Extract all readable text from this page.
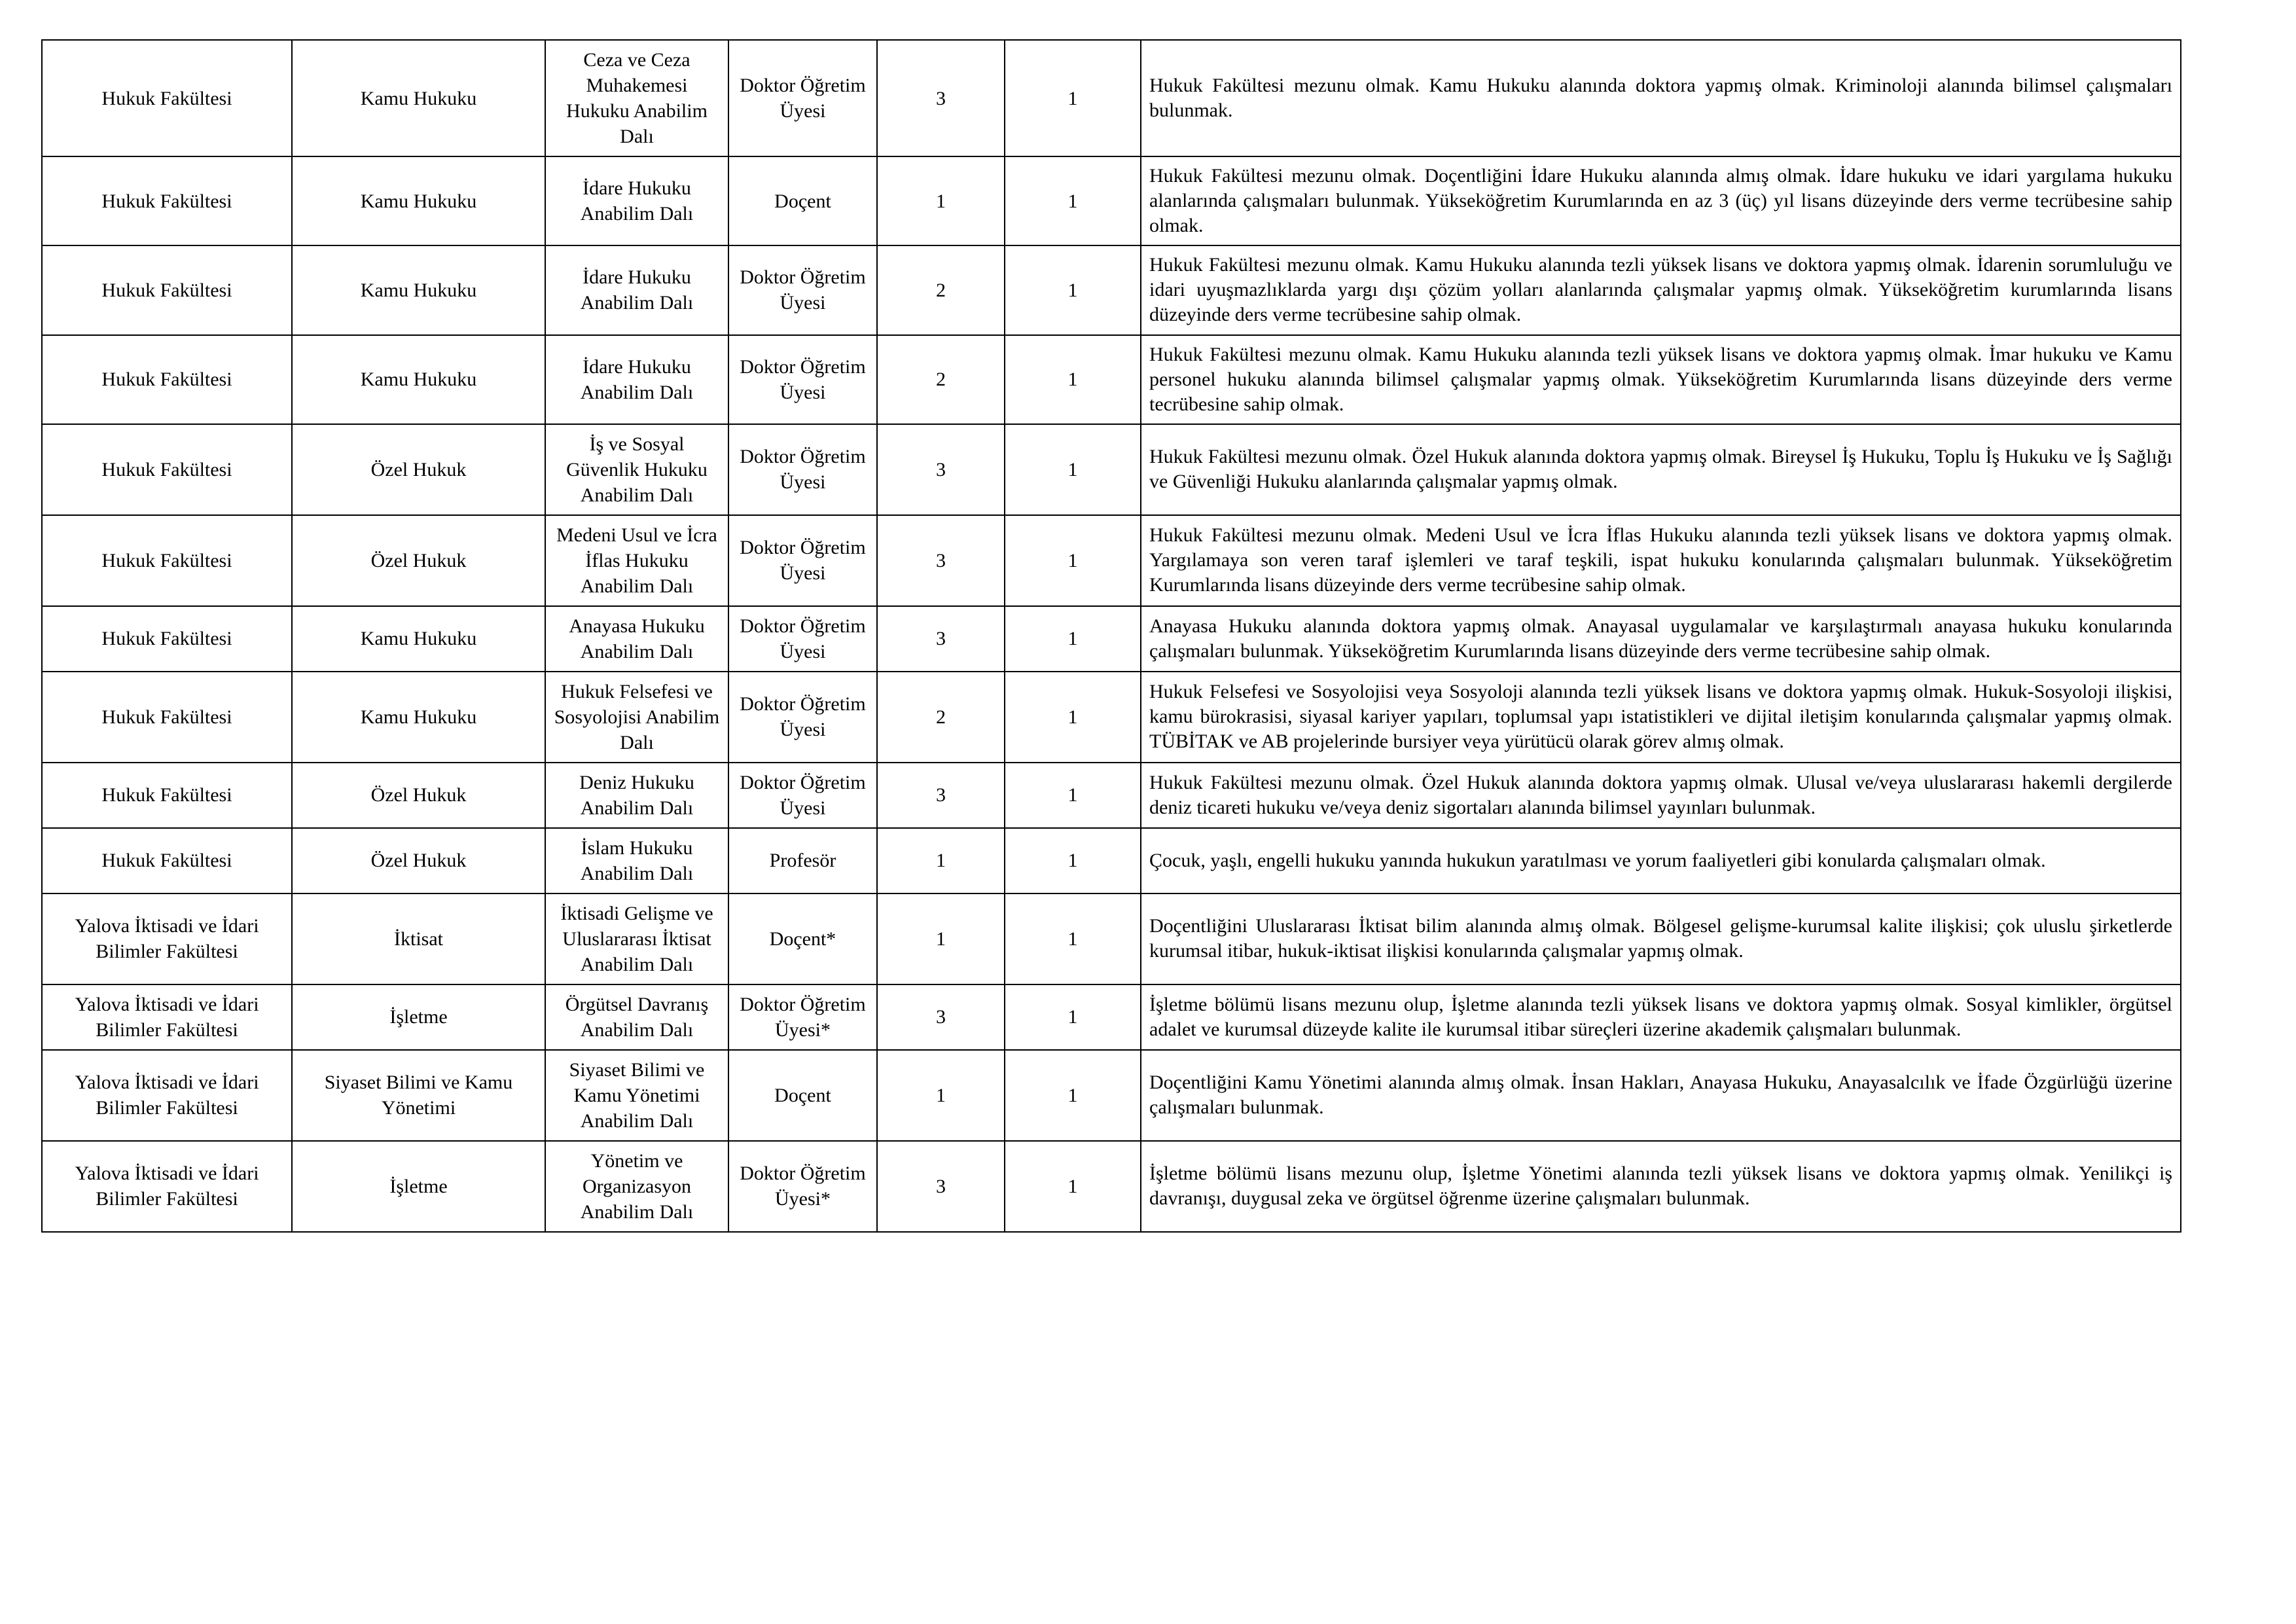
Hukuk Fakültesi	Kamu Hukuku	Ceza ve Ceza Muhakemesi Hukuku Anabilim Dalı	Doktor Öğretim Üyesi	3	1	Hukuk Fakültesi mezunu olmak. Kamu Hukuku alanında doktora yapmış olmak. Kriminoloji alanında bilimsel çalışmaları bulunmak.
Hukuk Fakültesi	Kamu Hukuku	İdare Hukuku Anabilim Dalı	Doçent	1	1	Hukuk Fakültesi mezunu olmak. Doçentliğini İdare Hukuku alanında almış olmak. İdare hukuku ve idari yargılama hukuku alanlarında çalışmaları bulunmak. Yükseköğretim Kurumlarında en az 3 (üç) yıl lisans düzeyinde ders verme tecrübesine sahip olmak.
Hukuk Fakültesi	Kamu Hukuku	İdare Hukuku Anabilim Dalı	Doktor Öğretim Üyesi	2	1	Hukuk Fakültesi mezunu olmak. Kamu Hukuku alanında tezli yüksek lisans ve doktora yapmış olmak. İdarenin sorumluluğu ve idari uyuşmazlıklarda yargı dışı çözüm yolları alanlarında çalışmalar yapmış olmak. Yükseköğretim kurumlarında lisans düzeyinde ders verme tecrübesine sahip olmak.
Hukuk Fakültesi	Kamu Hukuku	İdare Hukuku Anabilim Dalı	Doktor Öğretim Üyesi	2	1	Hukuk Fakültesi mezunu olmak. Kamu Hukuku alanında tezli yüksek lisans ve doktora yapmış olmak. İmar hukuku ve Kamu personel hukuku alanında bilimsel çalışmalar yapmış olmak. Yükseköğretim Kurumlarında lisans düzeyinde ders verme tecrübesine sahip olmak.
Hukuk Fakültesi	Özel Hukuk	İş ve Sosyal Güvenlik Hukuku Anabilim Dalı	Doktor Öğretim Üyesi	3	1	Hukuk Fakültesi mezunu olmak. Özel Hukuk alanında doktora yapmış olmak. Bireysel İş Hukuku, Toplu İş Hukuku ve İş Sağlığı ve Güvenliği Hukuku alanlarında çalışmalar yapmış olmak.
Hukuk Fakültesi	Özel Hukuk	Medeni Usul ve İcra İflas Hukuku Anabilim Dalı	Doktor Öğretim Üyesi	3	1	Hukuk Fakültesi mezunu olmak. Medeni Usul ve İcra İflas Hukuku alanında tezli yüksek lisans ve doktora yapmış olmak. Yargılamaya son veren taraf işlemleri ve taraf teşkili, ispat hukuku konularında çalışmaları bulunmak. Yükseköğretim Kurumlarında lisans düzeyinde ders verme tecrübesine sahip olmak.
Hukuk Fakültesi	Kamu Hukuku	Anayasa Hukuku Anabilim Dalı	Doktor Öğretim Üyesi	3	1	Anayasa Hukuku alanında doktora yapmış olmak. Anayasal uygulamalar ve karşılaştırmalı anayasa hukuku konularında çalışmaları bulunmak. Yükseköğretim Kurumlarında lisans düzeyinde ders verme tecrübesine sahip olmak.
Hukuk Fakültesi	Kamu Hukuku	Hukuk Felsefesi ve Sosyolojisi Anabilim Dalı	Doktor Öğretim Üyesi	2	1	Hukuk Felsefesi ve Sosyolojisi veya Sosyoloji alanında tezli yüksek lisans ve doktora yapmış olmak. Hukuk-Sosyoloji ilişkisi, kamu bürokrasisi, siyasal kariyer yapıları, toplumsal yapı istatistikleri ve dijital iletişim konularında çalışmalar yapmış olmak. TÜBİTAK ve AB projelerinde bursiyer veya yürütücü olarak görev almış olmak.
Hukuk Fakültesi	Özel Hukuk	Deniz Hukuku Anabilim Dalı	Doktor Öğretim Üyesi	3	1	Hukuk Fakültesi mezunu olmak. Özel Hukuk alanında doktora yapmış olmak. Ulusal ve/veya uluslararası hakemli dergilerde deniz ticareti hukuku ve/veya deniz sigortaları alanında bilimsel yayınları bulunmak.
Hukuk Fakültesi	Özel Hukuk	İslam Hukuku Anabilim Dalı	Profesör	1	1	Çocuk, yaşlı, engelli hukuku yanında hukukun yaratılması ve yorum faaliyetleri gibi konularda çalışmaları olmak.
Yalova İktisadi ve İdari Bilimler Fakültesi	İktisat	İktisadi Gelişme ve Uluslararası İktisat Anabilim Dalı	Doçent*	1	1	Doçentliğini Uluslararası İktisat bilim alanında almış olmak. Bölgesel gelişme-kurumsal kalite ilişkisi; çok uluslu şirketlerde kurumsal itibar, hukuk-iktisat ilişkisi konularında çalışmalar yapmış olmak.
Yalova İktisadi ve İdari Bilimler Fakültesi	İşletme	Örgütsel Davranış Anabilim Dalı	Doktor Öğretim Üyesi*	3	1	İşletme bölümü lisans mezunu olup, İşletme alanında tezli yüksek lisans ve doktora yapmış olmak. Sosyal kimlikler, örgütsel adalet ve kurumsal düzeyde kalite ile kurumsal itibar süreçleri üzerine akademik çalışmaları bulunmak.
Yalova İktisadi ve İdari Bilimler Fakültesi	Siyaset Bilimi ve Kamu Yönetimi	Siyaset Bilimi ve Kamu Yönetimi Anabilim Dalı	Doçent	1	1	Doçentliğini Kamu Yönetimi alanında almış olmak. İnsan Hakları, Anayasa Hukuku, Anayasalcılık ve İfade Özgürlüğü üzerine çalışmaları bulunmak.
Yalova İktisadi ve İdari Bilimler Fakültesi	İşletme	Yönetim ve Organizasyon Anabilim Dalı	Doktor Öğretim Üyesi*	3	1	İşletme bölümü lisans mezunu olup, İşletme Yönetimi alanında tezli yüksek lisans ve doktora yapmış olmak. Yenilikçi iş davranışı, duygusal zeka ve örgütsel öğrenme üzerine çalışmaları bulunmak.
